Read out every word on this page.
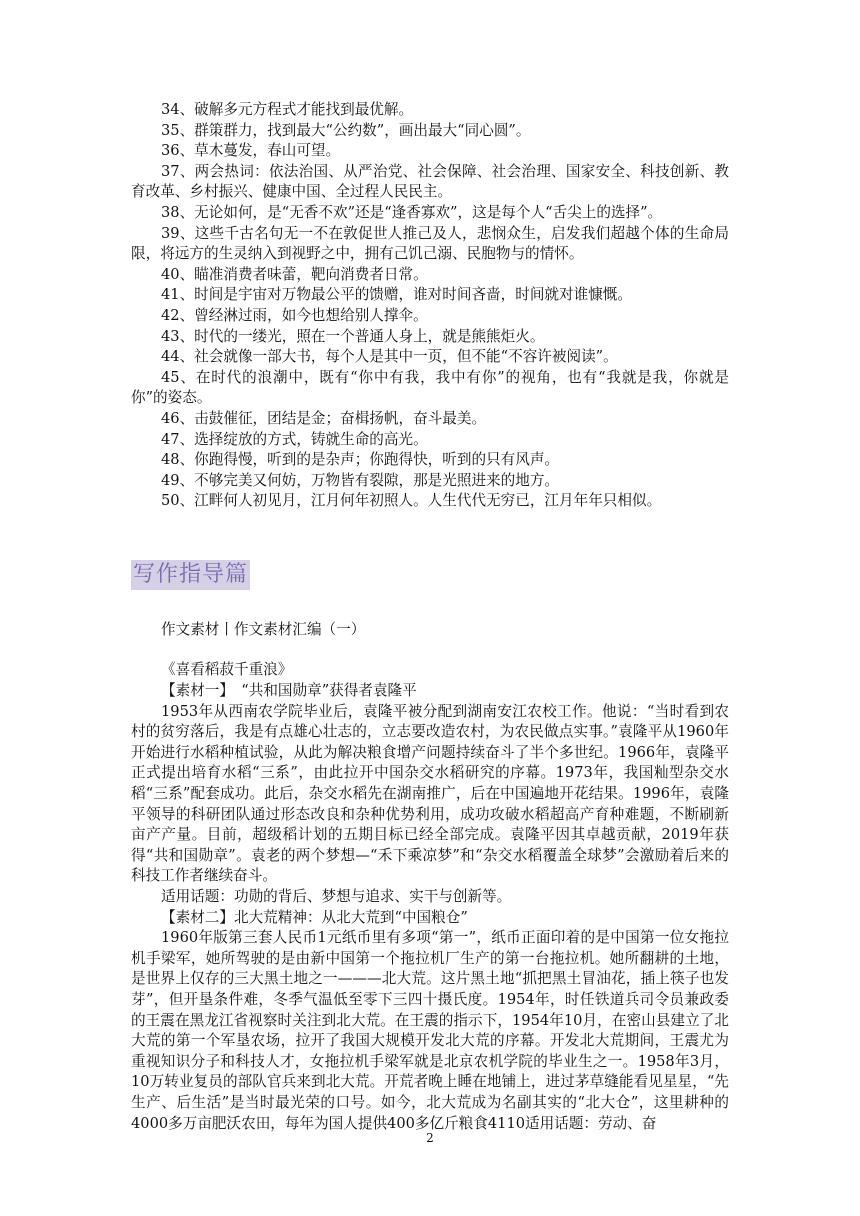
34、破解多元方程式才能找到最优解。

35、群策群力，找到最大“公约数”，画出最大“同心圆”。

36、草木蔓发，春山可望。

37、两会热词：依法治国、从严治党、社会保障、社会治理、国家安全、科技创新、教育改革、乡村振兴、健康中国、全过程人民民主。

38、无论如何，是“无香不欢”还是“逢香寡欢”，这是每个人“舌尖上的选择”。

39、这些千古名句无一不在敦促世人推己及人，悲悯众生，启发我们超越个体的生命局限，将远方的生灵纳入到视野之中，拥有己饥己溺、民胞物与的情怀。

40、瞄准消费者味蕾，靶向消费者日常。

41、时间是宇宙对万物最公平的馈赠，谁对时间吝啬，时间就对谁慷慨。

42、曾经淋过雨，如今也想给别人撑伞。

43、时代的一缕光，照在一个普通人身上，就是熊熊炬火。

44、社会就像一部大书，每个人是其中一页，但不能“不容许被阅读”。

45、在时代的浪潮中，既有“你中有我，我中有你”的视角，也有“我就是我，你就是你”的姿态。

46、击鼓催征，团结是金；奋楫扬帆，奋斗最美。

47、选择绽放的方式，铸就生命的高光。

48、你跑得慢，听到的是杂声；你跑得快，听到的只有风声。

49、不够完美又何妨，万物皆有裂隙，那是光照进来的地方。

50、江畔何人初见月，江月何年初照人。人生代代无穷已，江月年年只相似。

写作指导篇

作文素材丨作文素材汇编（一）

《喜看稻菽千重浪》

【素材一】　“共和国勋章”获得者袁隆平

1953年从西南农学院毕业后，袁隆平被分配到湖南安江农校工作。他说：“当时看到农村的贫穷落后，我是有点雄心壮志的，立志要改造农村，为农民做点实事。”袁隆平从1960年开始进行水稻种植试验，从此为解决粮食增产问题持续奋斗了半个多世纪。1966年，袁隆平正式提出培育水稻“三系”，由此拉开中国杂交水稻研究的序幕。1973年，我国籼型杂交水稻“三系”配套成功。此后，杂交水稻先在湖南推广，后在中国遍地开花结果。1996年，袁隆平领导的科研团队通过形态改良和杂种优势利用，成功攻破水稻超高产育种难题，不断刷新亩产产量。目前，超级稻计划的五期目标已经全部完成。袁隆平因其卓越贡献，2019年获得“共和国勋章”。袁老的两个梦想—“禾下乘凉梦”和“杂交水稻覆盖全球梦”会激励着后来的科技工作者继续奋斗。

适用话题：功勋的背后、梦想与追求、实干与创新等。

【素材二】北大荒精神：从北大荒到“中国粮仓”

1960年版第三套人民币1元纸币里有多项“第一”，纸币正面印着的是中国第一位女拖拉机手梁军，她所驾驶的是由新中国第一个拖拉机厂生产的第一台拖拉机。她所翻耕的土地，是世界上仅存的三大黑土地之一———北大荒。这片黑土地“抓把黑土冒油花，插上筷子也发芽”，但开垦条件难，冬季气温低至零下三四十摄氏度。1954年，时任铁道兵司令员兼政委的王震在黑龙江省视察时关注到北大荒。在王震的指示下，1954年10月，在密山县建立了北大荒的第一个军垦农场，拉开了我国大规模开发北大荒的序幕。开发北大荒期间，王震尤为重视知识分子和科技人才，女拖拉机手梁军就是北京农机学院的毕业生之一。1958年3月，10万转业复员的部队官兵来到北大荒。开荒者晚上睡在地铺上，进过茅草缝能看见星星，“先生产、后生活”是当时最光荣的口号。如今，北大荒成为名副其实的“北大仓”，这里耕种的4000多万亩肥沃农田，每年为国人提供400多亿斤粮食4110适用话题：劳动、奋

2
